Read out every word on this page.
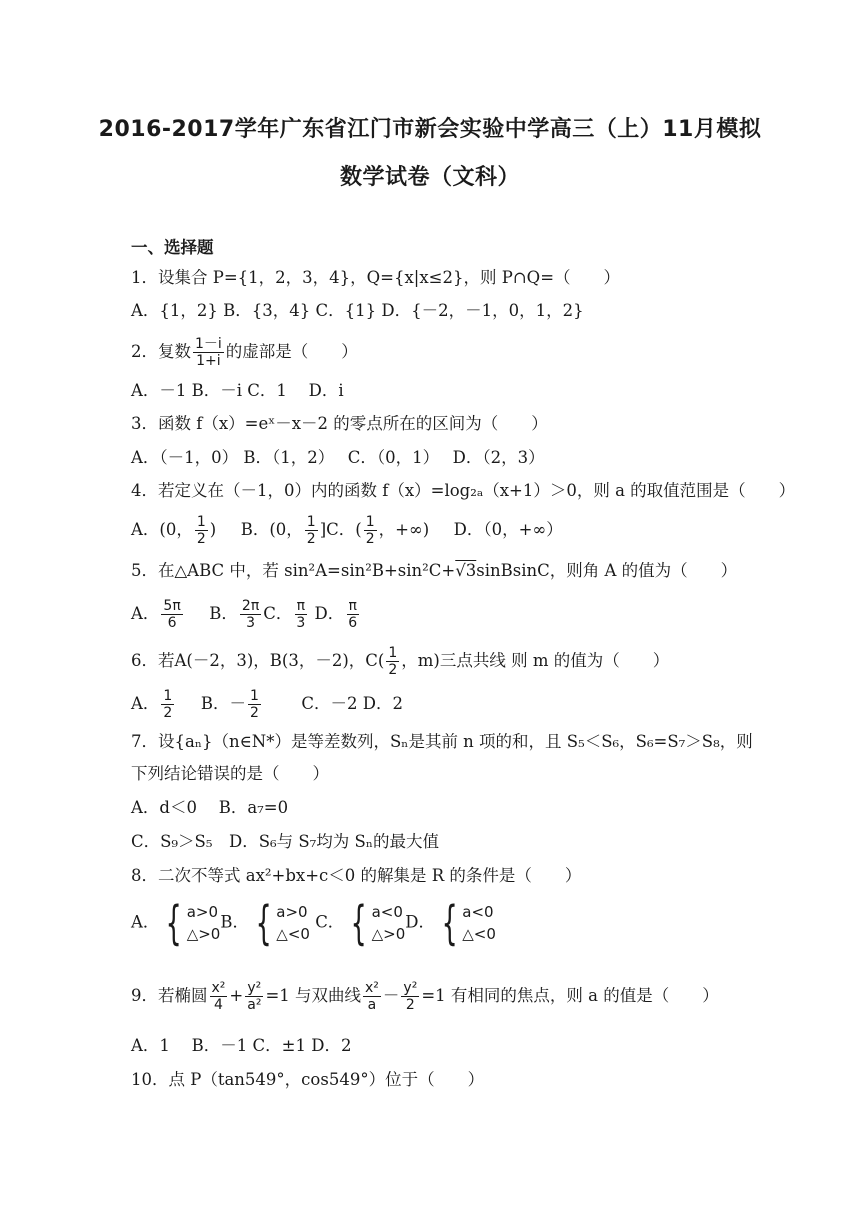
2016-2017学年广东省江门市新会实验中学高三（上）11月模拟
数学试卷（文科）
一、选择题
1．设集合 P={1，2，3，4}，Q={x|x≤2}，则 P∩Q=（　　）
A．{1，2} B．{3，4} C．{1} D．{－2，－1，0，1，2}
2．复数 $\frac{1-i}{1+i}$ 的虚部是（　　）
A．－1 B．－i C．1　 D．i
3．函数 f（x）=eˣ－x－2 的零点所在的区间为（　　）
A．（－1，0） B．（1，2）　 C．（0，1）　 D．（2，3）
4．若定义在（－1，0）内的函数 f（x）=log₂ₐ（x+1）＞0，则 a 的取值范围是（　　）
A．(0， $\frac{1}{2}$ ) B．(0， $\frac{1}{2} ]C$．( $\frac{1}{2}$ ，+∞) D．（0，+∞）
5．在△ABC 中，若 sin²A=sin²B+sin²C+√3sinBsinC，则角 A 的值为（　　）
A． $\frac{5\pi}{6}$ B． $\frac{2\pi}{3}$ C． $\frac{\pi}{3}$ D． $\frac{\pi}{6}$
6．若A(－2，3)，B(3，－2)，$C( \frac{1}{2}$ ，m)三点共线 则 m 的值为（　　）
A． $\frac{1}{2}$ B．－ $\frac{1}{2}$ C．－2 D．2
7．设{aₙ}（n∈N*）是等差数列，Sₙ是其前 n 项的和，且 S₅＜S₆，S₆=S₇＞S₈，则
下列结论错误的是（　　）
A．d＜0　 B．a₇=0
C．S₉＞S₅　D．S₆与 S₇均为 Sₙ的最大值
8．二次不等式 ax²+bx+c＜0 的解集是 R 的条件是（　　）
A． { a>0
△>0
B． { a>0
△<0
C． { a<0
△>0
D． { a<0
△<0
9．若椭圆 $\frac{\text{x²}}{4} + \frac{\text{y²}}{\text{a²}} =1$ 与双曲线 $\frac{\text{x²}}{a} - \frac{\text{y²}}{2} =1$ 有相同的焦点，则 a 的值是（　　）
A．1　 B．－1 C．±1 D．2
10．点 P（tan549°，cos549°）位于（　　）
